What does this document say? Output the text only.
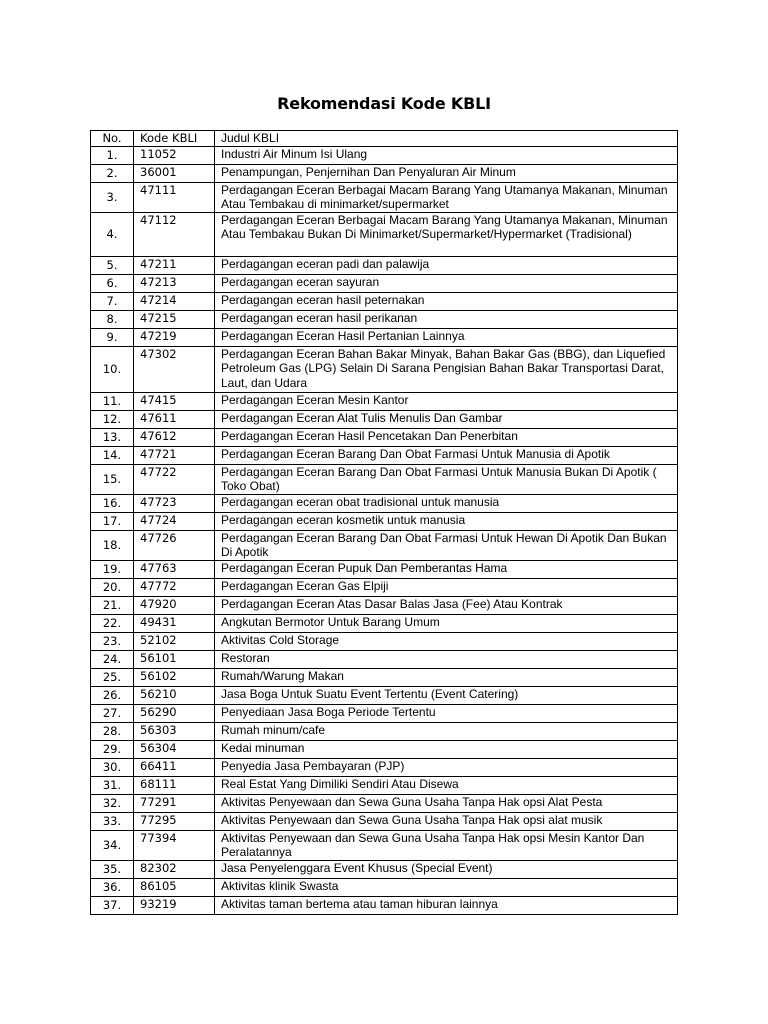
Rekomendasi Kode KBLI
No.	Kode KBLI	Judul KBLI
1.	11052	Industri Air Minum Isi Ulang
2.	36001	Penampungan, Penjernihan Dan Penyaluran Air Minum
3.	47111	Perdagangan Eceran Berbagai Macam Barang Yang Utamanya Makanan, Minuman Atau Tembakau di minimarket/supermarket
4.	47112	Perdagangan Eceran Berbagai Macam Barang Yang Utamanya Makanan, Minuman Atau Tembakau Bukan Di Minimarket/Supermarket/Hypermarket (Tradisional)
5.	47211	Perdagangan eceran padi dan palawija
6.	47213	Perdagangan eceran sayuran
7.	47214	Perdagangan eceran hasil peternakan
8.	47215	Perdagangan eceran hasil perikanan
9.	47219	Perdagangan Eceran Hasil Pertanian Lainnya
10.	47302	Perdagangan Eceran Bahan Bakar Minyak, Bahan Bakar Gas (BBG), dan Liquefied Petroleum Gas (LPG) Selain Di Sarana Pengisian Bahan Bakar Transportasi Darat, Laut, dan Udara
11.	47415	Perdagangan Eceran Mesin Kantor
12.	47611	Perdagangan Eceran Alat Tulis Menulis Dan Gambar
13.	47612	Perdagangan Eceran Hasil Pencetakan Dan Penerbitan
14.	47721	Perdagangan Eceran Barang Dan Obat Farmasi Untuk Manusia di Apotik
15.	47722	Perdagangan Eceran Barang Dan Obat Farmasi Untuk Manusia Bukan Di Apotik ( Toko Obat)
16.	47723	Perdagangan eceran obat tradisional untuk manusia
17.	47724	Perdagangan eceran kosmetik untuk manusia
18.	47726	Perdagangan Eceran Barang Dan Obat Farmasi Untuk Hewan Di Apotik Dan Bukan Di Apotik
19.	47763	Perdagangan Eceran Pupuk Dan Pemberantas Hama
20.	47772	Perdagangan Eceran Gas Elpiji
21.	47920	Perdagangan Eceran Atas Dasar Balas Jasa (Fee) Atau Kontrak
22.	49431	Angkutan Bermotor Untuk Barang Umum
23.	52102	Aktivitas Cold Storage
24.	56101	Restoran
25.	56102	Rumah/Warung Makan
26.	56210	Jasa Boga Untuk Suatu Event Tertentu (Event Catering)
27.	56290	Penyediaan Jasa Boga Periode Tertentu
28.	56303	Rumah minum/cafe
29.	56304	Kedai minuman
30.	66411	Penyedia Jasa Pembayaran (PJP)
31.	68111	Real Estat Yang Dimiliki Sendiri Atau Disewa
32.	77291	Aktivitas Penyewaan dan Sewa Guna Usaha Tanpa Hak opsi Alat Pesta
33.	77295	Aktivitas Penyewaan dan Sewa Guna Usaha Tanpa Hak opsi alat musik
34.	77394	Aktivitas Penyewaan dan Sewa Guna Usaha Tanpa Hak opsi Mesin Kantor Dan Peralatannya
35.	82302	Jasa Penyelenggara Event Khusus (Special Event)
36.	86105	Aktivitas klinik Swasta
37.	93219	Aktivitas taman bertema atau taman hiburan lainnya
